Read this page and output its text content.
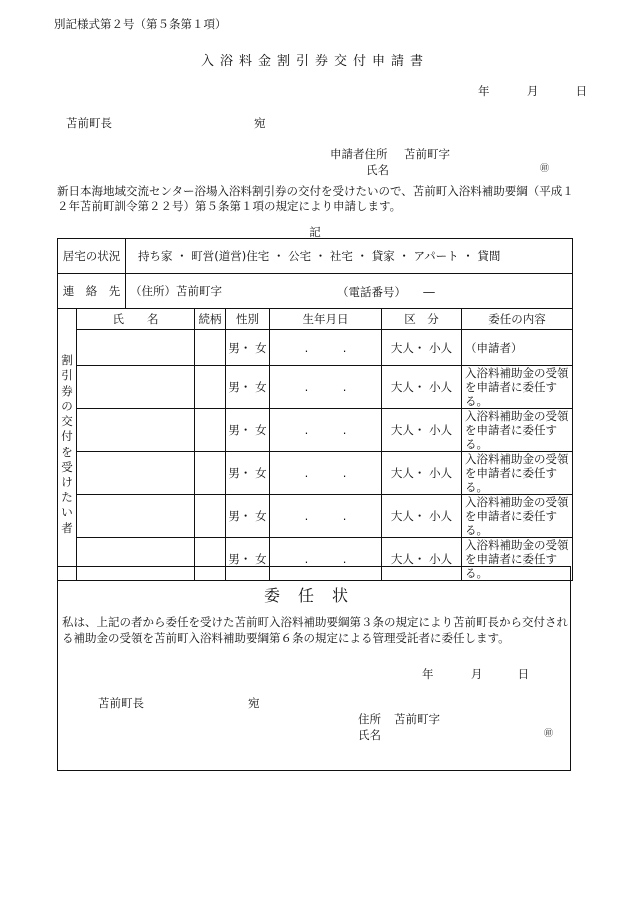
別記様式第２号（第５条第１項）
入浴料金割引券交付申請書
年	月	日
苫前町長	宛
申請者住所 苫前町字
氏名	㊞
新日本海地域交流センター浴場入浴料割引券の交付を受けたいので、苫前町入浴料補助要綱（平成１２年苫前町訓令第２２号）第５条第１項の規定により申請します。
記
居宅の状況		持ち家 ・ 町営(道営)住宅 ・ 公宅 ・ 社宅 ・ 貸家 ・ アパート ・ 貸間					
連　絡　先		（住所）苫前町字 （電話番号）　　―					

割引券の交付を受けたい者	氏　　名		続柄	性別	生年月日	区　分	委任の内容
				男・ 女	.　　　.	大人・ 小人	（申請者）
				男・ 女	.　　　.	大人・ 小人	入浴料補助金の受領を申請者に委任する。
				男・ 女	.　　　.	大人・ 小人	入浴料補助金の受領を申請者に委任する。
				男・ 女	.　　　.	大人・ 小人	入浴料補助金の受領を申請者に委任する。
				男・ 女	.　　　.	大人・ 小人	入浴料補助金の受領を申請者に委任する。
				男・ 女	.　　　.	大人・ 小人	入浴料補助金の受領を申請者に委任する。
委任状
私は、上記の者から委任を受けた苫前町入浴料補助要綱第３条の規定により苫前町長から交付される補助金の受領を苫前町入浴料補助要綱第６条の規定による管理受託者に委任します。
年	月	日
苫前町長	宛
住所 苫前町字
氏名	㊞
